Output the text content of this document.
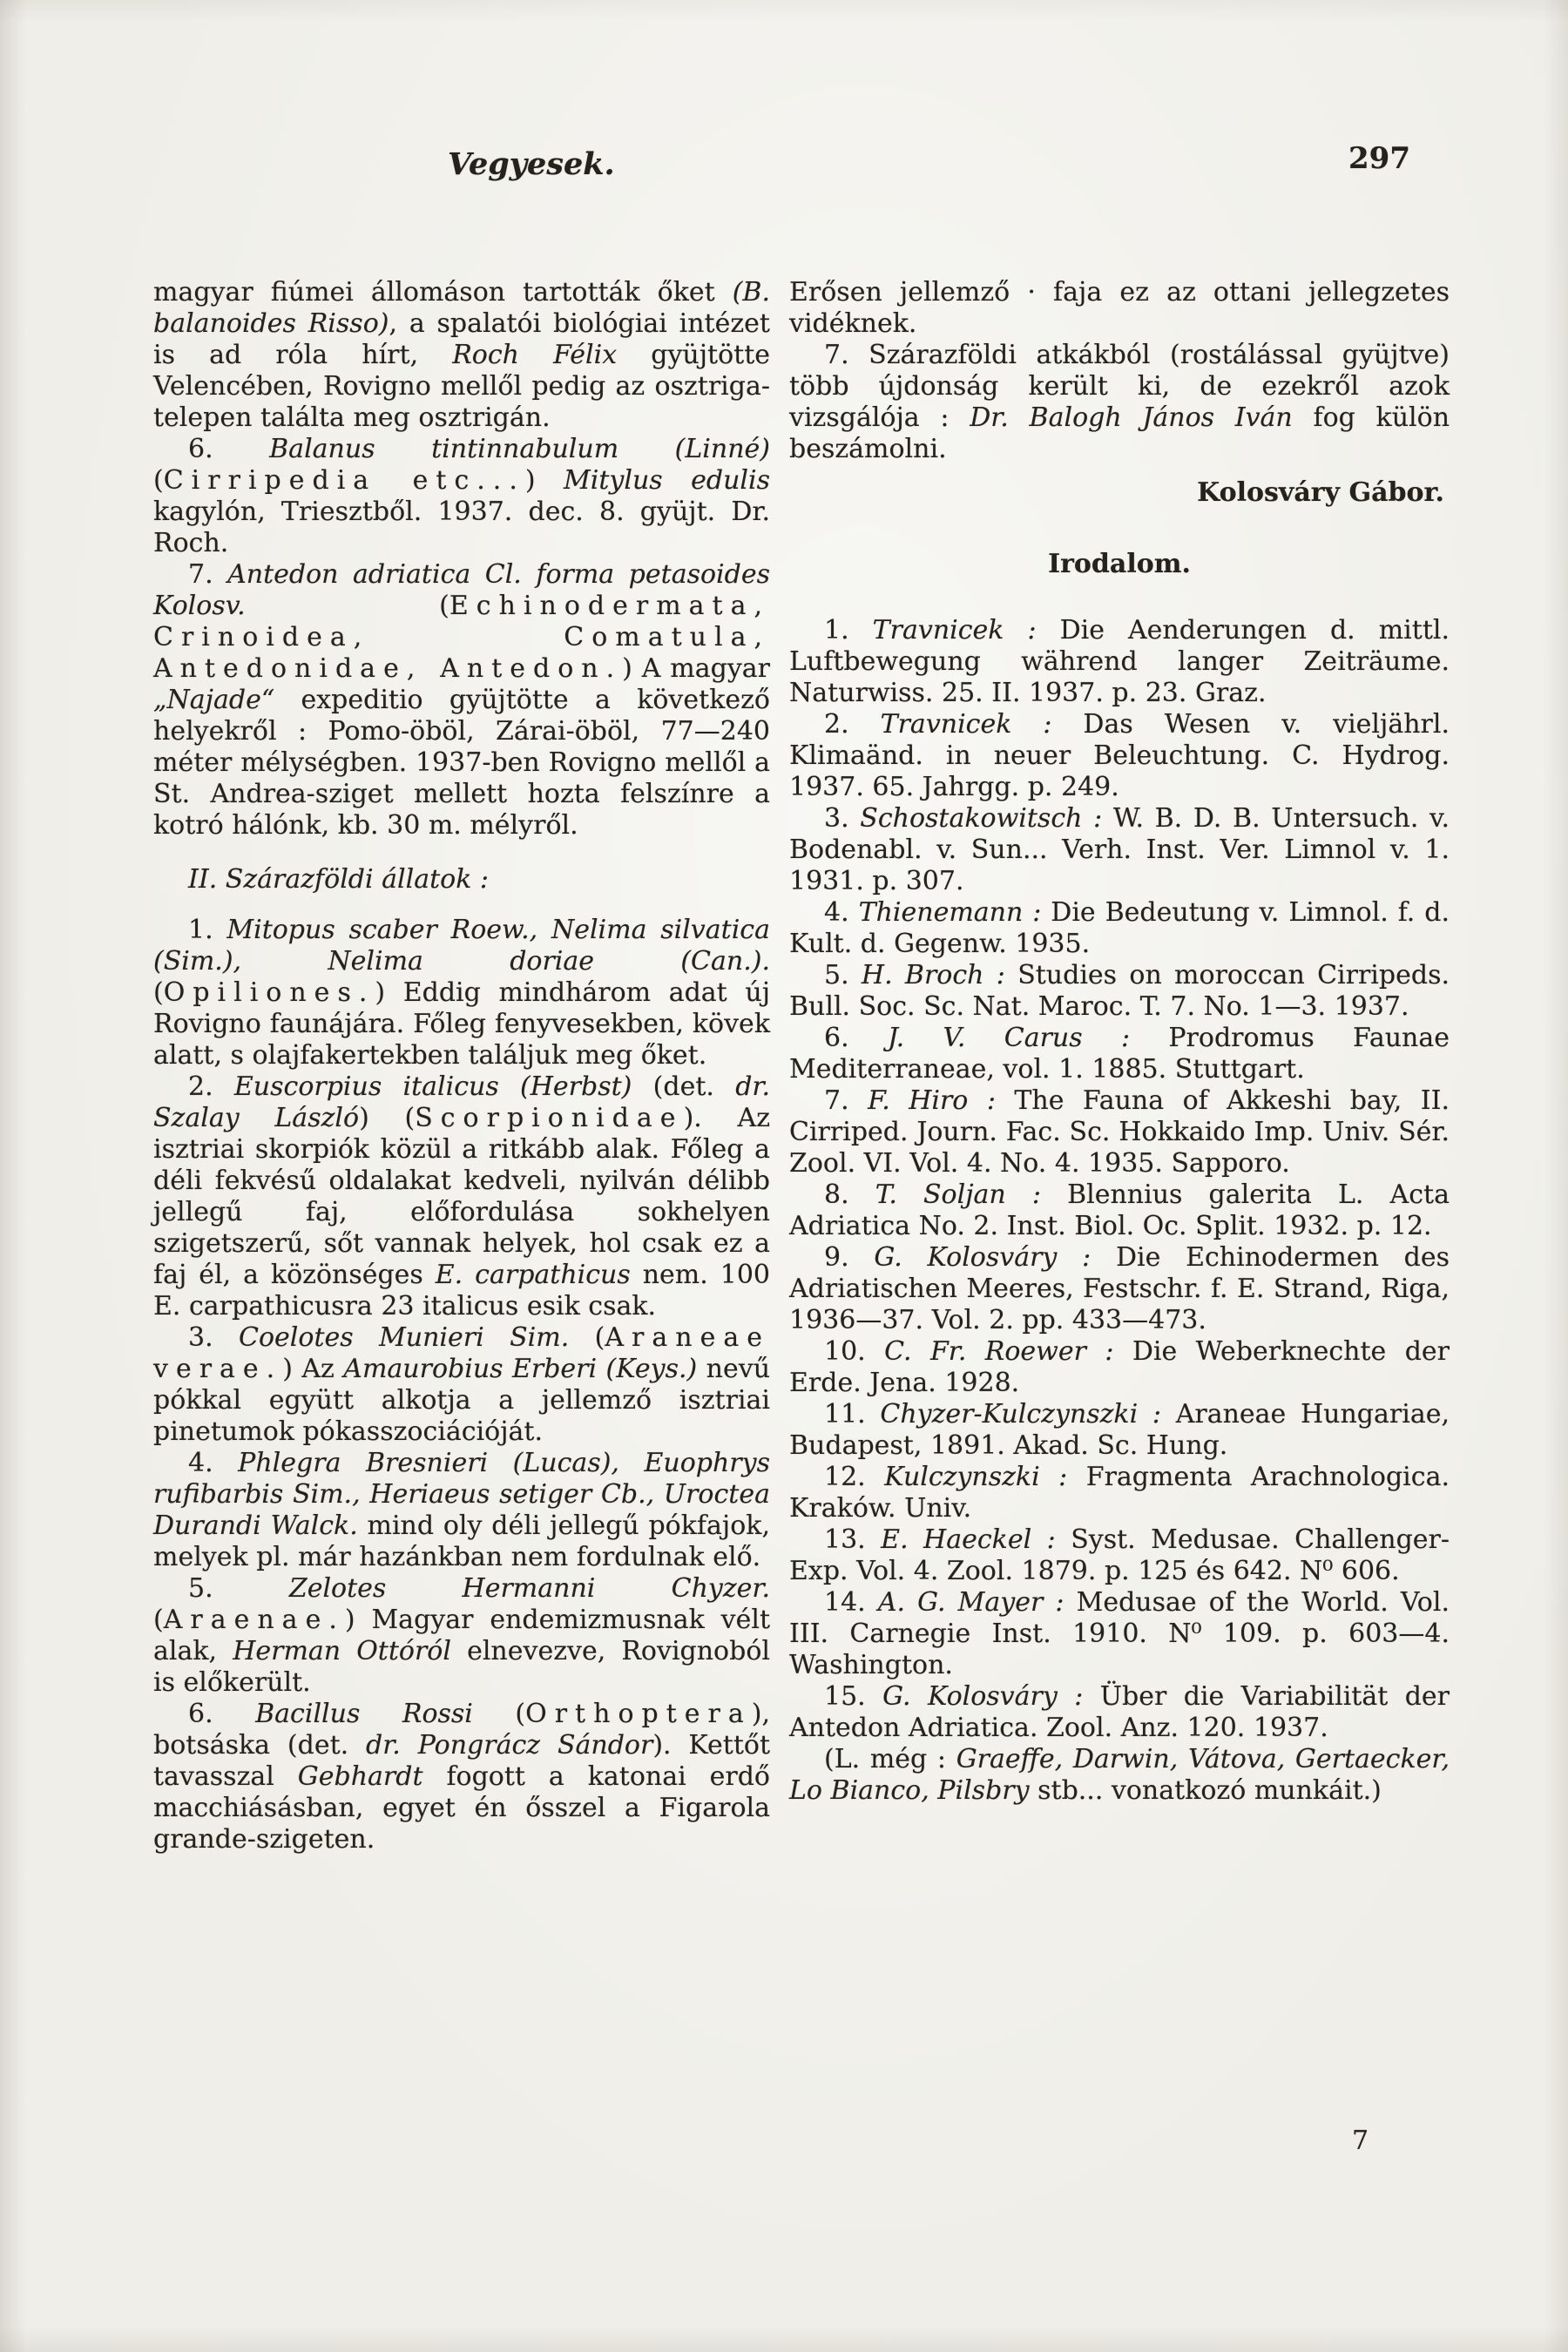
Vegyesek.	297
magyar fiúmei állomáson tartották őket (B. balanoides Risso), a spalatói biológiai intézet is ad róla hírt, Roch Félix gyüjtötte Velencében, Rovigno mellől pedig az osztriga-telepen találta meg osztrigán.
6. Balanus tintinnabulum (Linné) (Cirripedia etc...) Mitylus edulis kagylón, Triesztből. 1937. dec. 8. gyüjt. Dr. Roch.
7. Antedon adriatica Cl. forma petasoides Kolosv. (Echinodermata, Crinoidea, Comatula, Antedonidae, Antedon.) A magyar „Najade“ expeditio gyüjtötte a következő helyekről : Pomo-öböl, Zárai-öböl, 77—240 méter mélységben. 1937-ben Rovigno mellől a St. Andrea-sziget mellett hozta felszínre a kotró hálónk, kb. 30 m. mélyről.
II. Szárazföldi állatok :
1. Mitopus scaber Roew., Nelima silvatica (Sim.), Nelima doriae (Can.). (Opiliones.) Eddig mindhárom adat új Rovigno faunájára. Főleg fenyvesekben, kövek alatt, s olajfakertekben találjuk meg őket.
2. Euscorpius italicus (Herbst) (det. dr. Szalay László) (Scorpionidae). Az isztriai skorpiók közül a ritkább alak. Főleg a déli fekvésű oldalakat kedveli, nyilván délibb jellegű faj, előfordulása sokhelyen szigetszerű, sőt vannak helyek, hol csak ez a faj él, a közönséges E. carpathicus nem. 100 E. carpathicusra 23 italicus esik csak.
3. Coelotes Munieri Sim. (Araneae verae.) Az Amaurobius Erberi (Keys.) nevű pókkal együtt alkotja a jellemző isztriai pinetumok pókasszociációját.
4. Phlegra Bresnieri (Lucas), Euophrys rufibarbis Sim., Heriaeus setiger Cb., Uroctea Durandi Walck. mind oly déli jellegű pókfajok, melyek pl. már hazánkban nem fordulnak elő.
5. Zelotes Hermanni Chyzer. (Araenae.) Magyar endemizmusnak vélt alak, Herman Ottóról elnevezve, Rovignoból is előkerült.
6. Bacillus Rossi (Orthoptera), botsáska (det. dr. Pongrácz Sándor). Kettőt tavasszal Gebhardt fogott a katonai erdő macchiásásban, egyet én ősszel a Figarola grande-szigeten.
Erősen jellemző · faja ez az ottani jellegzetes vidéknek.
7. Szárazföldi atkákból (rostálással gyüjtve) több újdonság került ki, de ezekről azok vizsgálója : Dr. Balogh János Iván fog külön beszámolni.
Kolosváry Gábor.
Irodalom.
1. Travnicek : Die Aenderungen d. mittl. Luftbewegung während langer Zeiträume. Naturwiss. 25. II. 1937. p. 23. Graz.
2. Travnicek : Das Wesen v. vieljährl. Klimaänd. in neuer Beleuchtung. C. Hydrog. 1937. 65. Jahrgg. p. 249.
3. Schostakowitsch : W. B. D. B. Untersuch. v. Bodenabl. v. Sun... Verh. Inst. Ver. Limnol v. 1. 1931. p. 307.
4. Thienemann : Die Bedeutung v. Limnol. f. d. Kult. d. Gegenw. 1935.
5. H. Broch : Studies on moroccan Cirripeds. Bull. Soc. Sc. Nat. Maroc. T. 7. No. 1—3. 1937.
6. J. V. Carus : Prodromus Faunae Mediterraneae, vol. 1. 1885. Stuttgart.
7. F. Hiro : The Fauna of Akkeshi bay, II. Cirriped. Journ. Fac. Sc. Hokkaido Imp. Univ. Sér. Zool. VI. Vol. 4. No. 4. 1935. Sapporo.
8. T. Soljan : Blennius galerita L. Acta Adriatica No. 2. Inst. Biol. Oc. Split. 1932. p. 12.
9. G. Kolosváry : Die Echinodermen des Adriatischen Meeres, Festschr. f. E. Strand, Riga, 1936—37. Vol. 2. pp. 433—473.
10. C. Fr. Roewer : Die Weberknechte der Erde. Jena. 1928.
11. Chyzer-Kulczynszki : Araneae Hungariae, Budapest, 1891. Akad. Sc. Hung.
12. Kulczynszki : Fragmenta Arachnologica. Kraków. Univ.
13. E. Haeckel : Syst. Medusae. Challenger-Exp. Vol. 4. Zool. 1879. p. 125 és 642. N⁰ 606.
14. A. G. Mayer : Medusae of the World. Vol. III. Carnegie Inst. 1910. N⁰ 109. p. 603—4. Washington.
15. G. Kolosváry : Über die Variabilität der Antedon Adriatica. Zool. Anz. 120. 1937.
(L. még : Graeffe, Darwin, Vátova, Gertaecker, Lo Bianco, Pilsbry stb... vonatkozó munkáit.)
7
